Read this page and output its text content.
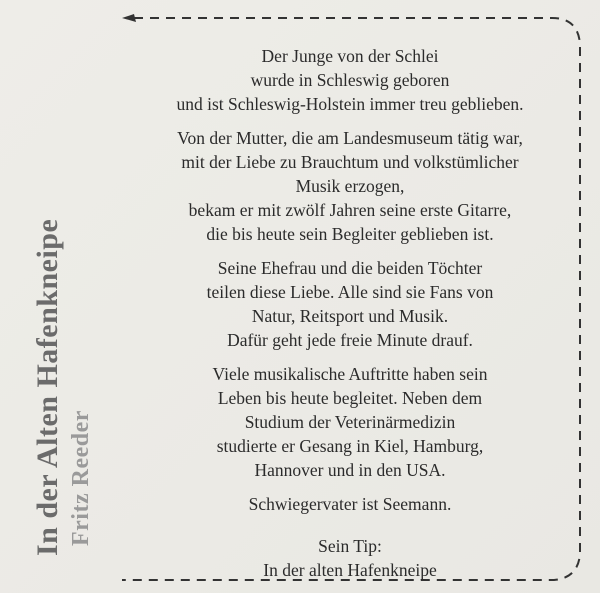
In der Alten Hafenkneipe Fritz Reeder

Der Junge von der Schlei
wurde in Schleswig geboren
und ist Schleswig-Holstein immer treu geblieben.

Von der Mutter, die am Landesmuseum tätig war,
mit der Liebe zu Brauchtum und volkstümlicher
Musik erzogen,
bekam er mit zwölf Jahren seine erste Gitarre,
die bis heute sein Begleiter geblieben ist.

Seine Ehefrau und die beiden Töchter
teilen diese Liebe. Alle sind sie Fans von
Natur, Reitsport und Musik.
Dafür geht jede freie Minute drauf.

Viele musikalische Auftritte haben sein
Leben bis heute begleitet. Neben dem
Studium der Veterinärmedizin
studierte er Gesang in Kiel, Hamburg,
Hannover und in den USA.

Schwiegervater ist Seemann.

Sein Tip:
In der alten Hafenkneipe
